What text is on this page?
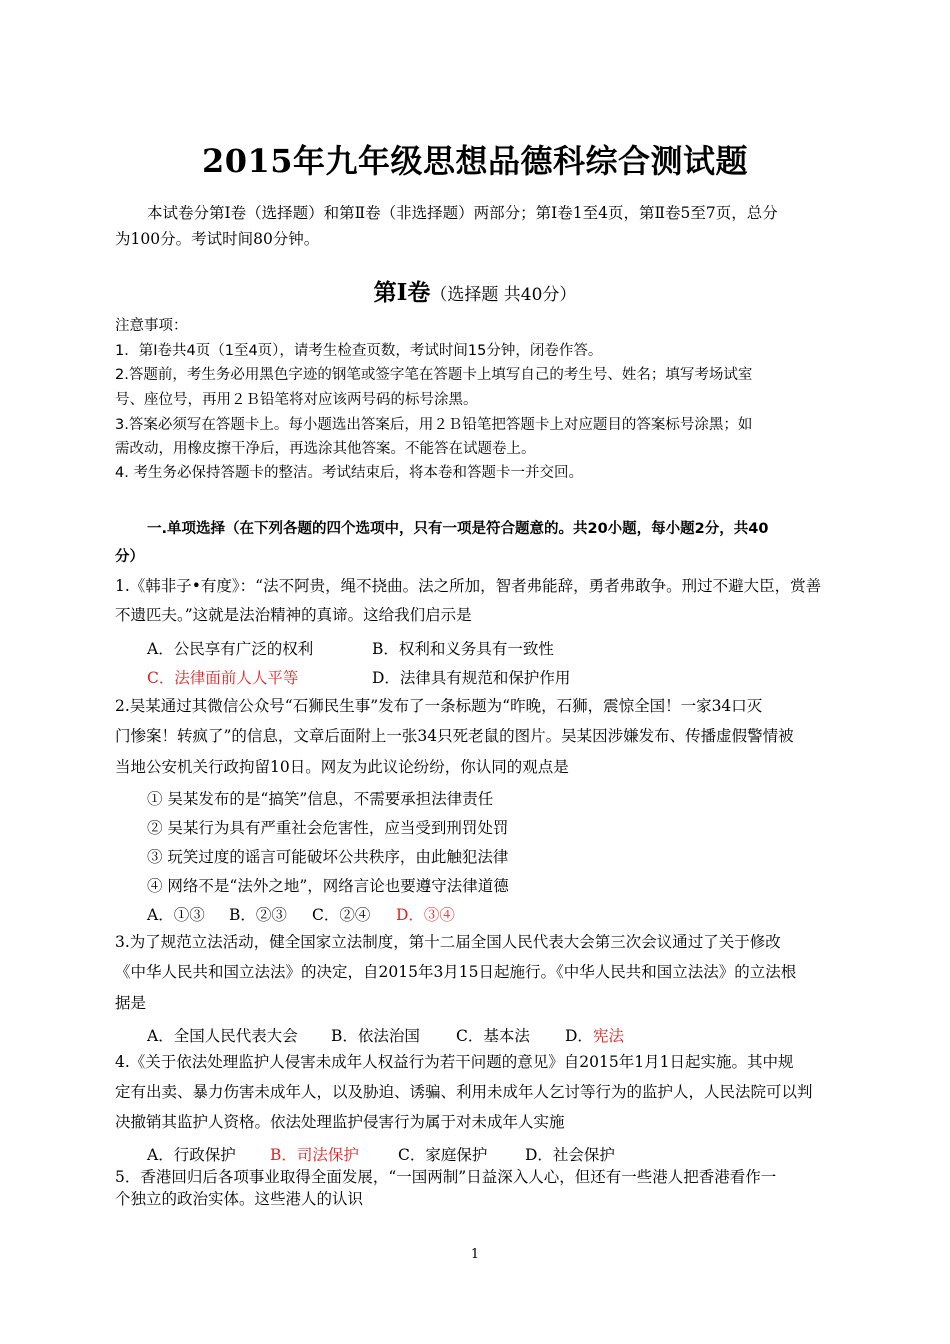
2015年九年级思想品德科综合测试题
本试卷分第Ⅰ卷（选择题）和第Ⅱ卷（非选择题）两部分；第Ⅰ卷1至4页，第Ⅱ卷5至7页，总分
为100分。考试时间80分钟。
第Ⅰ卷（选择题 共40分）
注意事项：
1．第Ⅰ卷共4页（1至4页），请考生检查页数，考试时间15分钟，闭卷作答。
2.答题前，考生务必用黑色字迹的钢笔或签字笔在答题卡上填写自己的考生号、姓名；填写考场试室
号、座位号，再用２Ｂ铅笔将对应该两号码的标号涂黑。
3.答案必须写在答题卡上。每小题选出答案后，用２Ｂ铅笔把答题卡上对应题目的答案标号涂黑；如
需改动，用橡皮擦干净后，再选涂其他答案。不能答在试题卷上。
4. 考生务必保持答题卡的整洁。考试结束后，将本卷和答题卡一并交回。
一.单项选择（在下列各题的四个选项中，只有一项是符合题意的。共20小题，每小题2分，共40
分）
1.《韩非子•有度》：“法不阿贵，绳不挠曲。法之所加，智者弗能辞，勇者弗敢争。刑过不避大臣，赏善
不遗匹夫。”这就是法治精神的真谛。这给我们启示是
A．公民享有广泛的权利	B．权利和义务具有一致性
C．法律面前人人平等	D．法律具有规范和保护作用
2.吴某通过其微信公众号“石狮民生事”发布了一条标题为“昨晚，石狮，震惊全国！一家34口灭
门惨案！转疯了”的信息，文章后面附上一张34只死老鼠的图片。吴某因涉嫌发布、传播虚假警情被
当地公安机关行政拘留10日。网友为此议论纷纷，你认同的观点是
① 吴某发布的是“搞笑”信息，不需要承担法律责任
② 吴某行为具有严重社会危害性，应当受到刑罚处罚
③ 玩笑过度的谣言可能破坏公共秩序，由此触犯法律
④ 网络不是“法外之地”，网络言论也要遵守法律道德
A．①③ B．②③ C．②④ D．③④
3.为了规范立法活动，健全国家立法制度，第十二届全国人民代表大会第三次会议通过了关于修改
《中华人民共和国立法法》的决定，自2015年3月15日起施行。《中华人民共和国立法法》的立法根
据是
A．全国人民代表大会 B．依法治国 C．基本法 D．宪法
4.《关于依法处理监护人侵害未成年人权益行为若干问题的意见》自2015年1月1日起实施。其中规
定有出卖、暴力伤害未成年人，以及胁迫、诱骗、利用未成年人乞讨等行为的监护人，人民法院可以判
决撤销其监护人资格。依法处理监护侵害行为属于对未成年人实施
A．行政保护 B．司法保护	C．家庭保护 D．社会保护
5．香港回归后各项事业取得全面发展，“一国两制”日益深入人心，但还有一些港人把香港看作一
个独立的政治实体。这些港人的认识
1
